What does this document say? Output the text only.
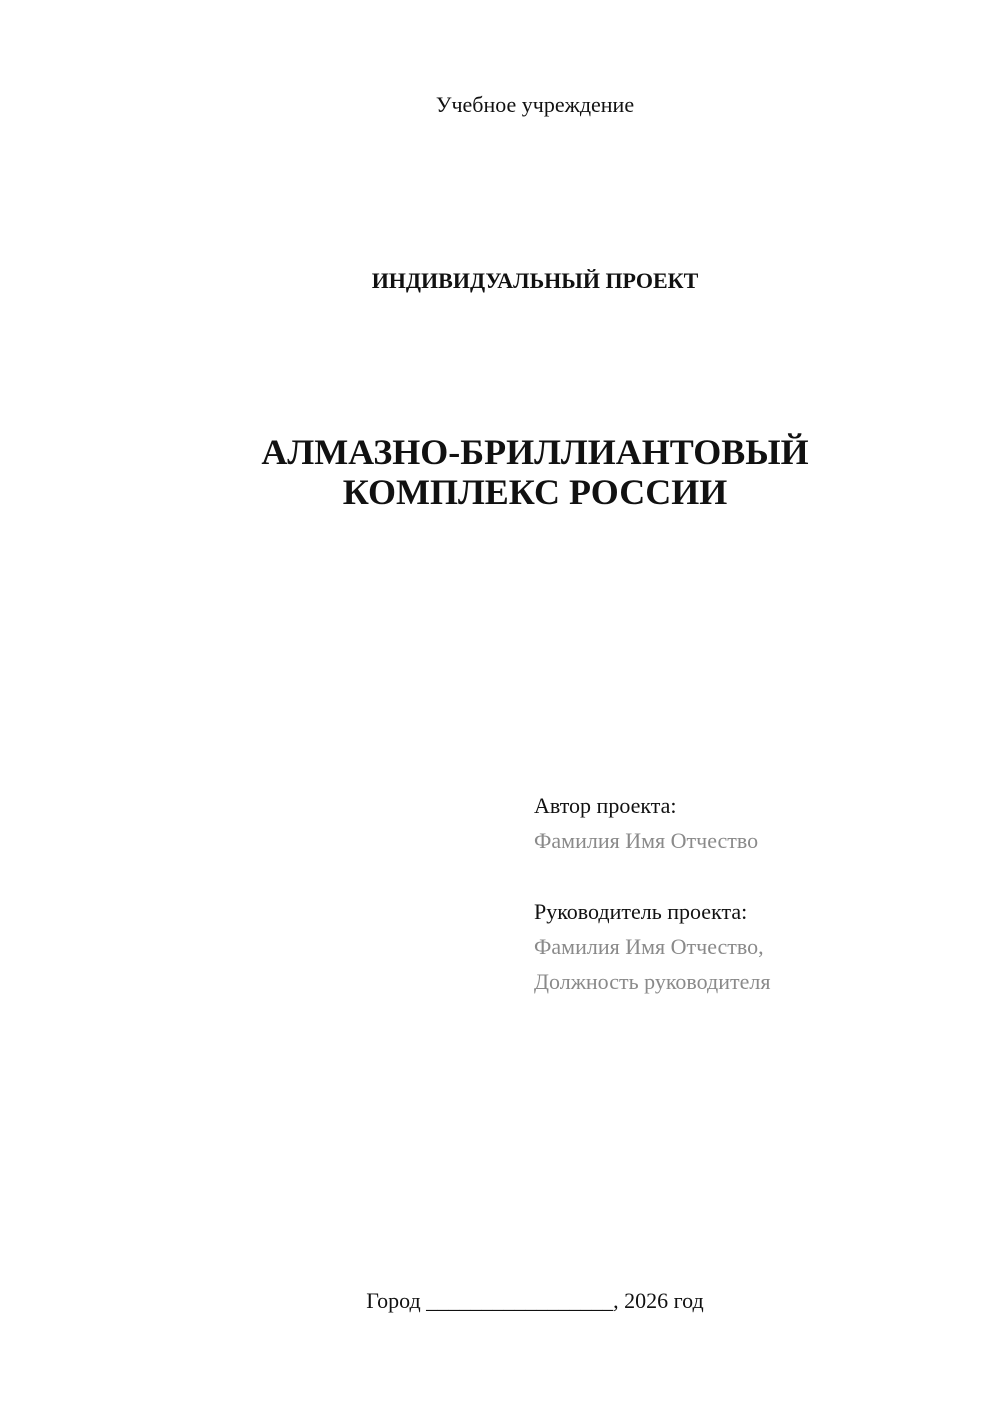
Учебное учреждение
ИНДИВИДУАЛЬНЫЙ ПРОЕКТ
АЛМАЗНО-БРИЛЛИАНТОВЫЙ
КОМПЛЕКС РОССИИ
Автор проекта:
Фамилия Имя Отчество
Руководитель проекта:
Фамилия Имя Отчество,
Должность руководителя
Город _________________, 2026 год
